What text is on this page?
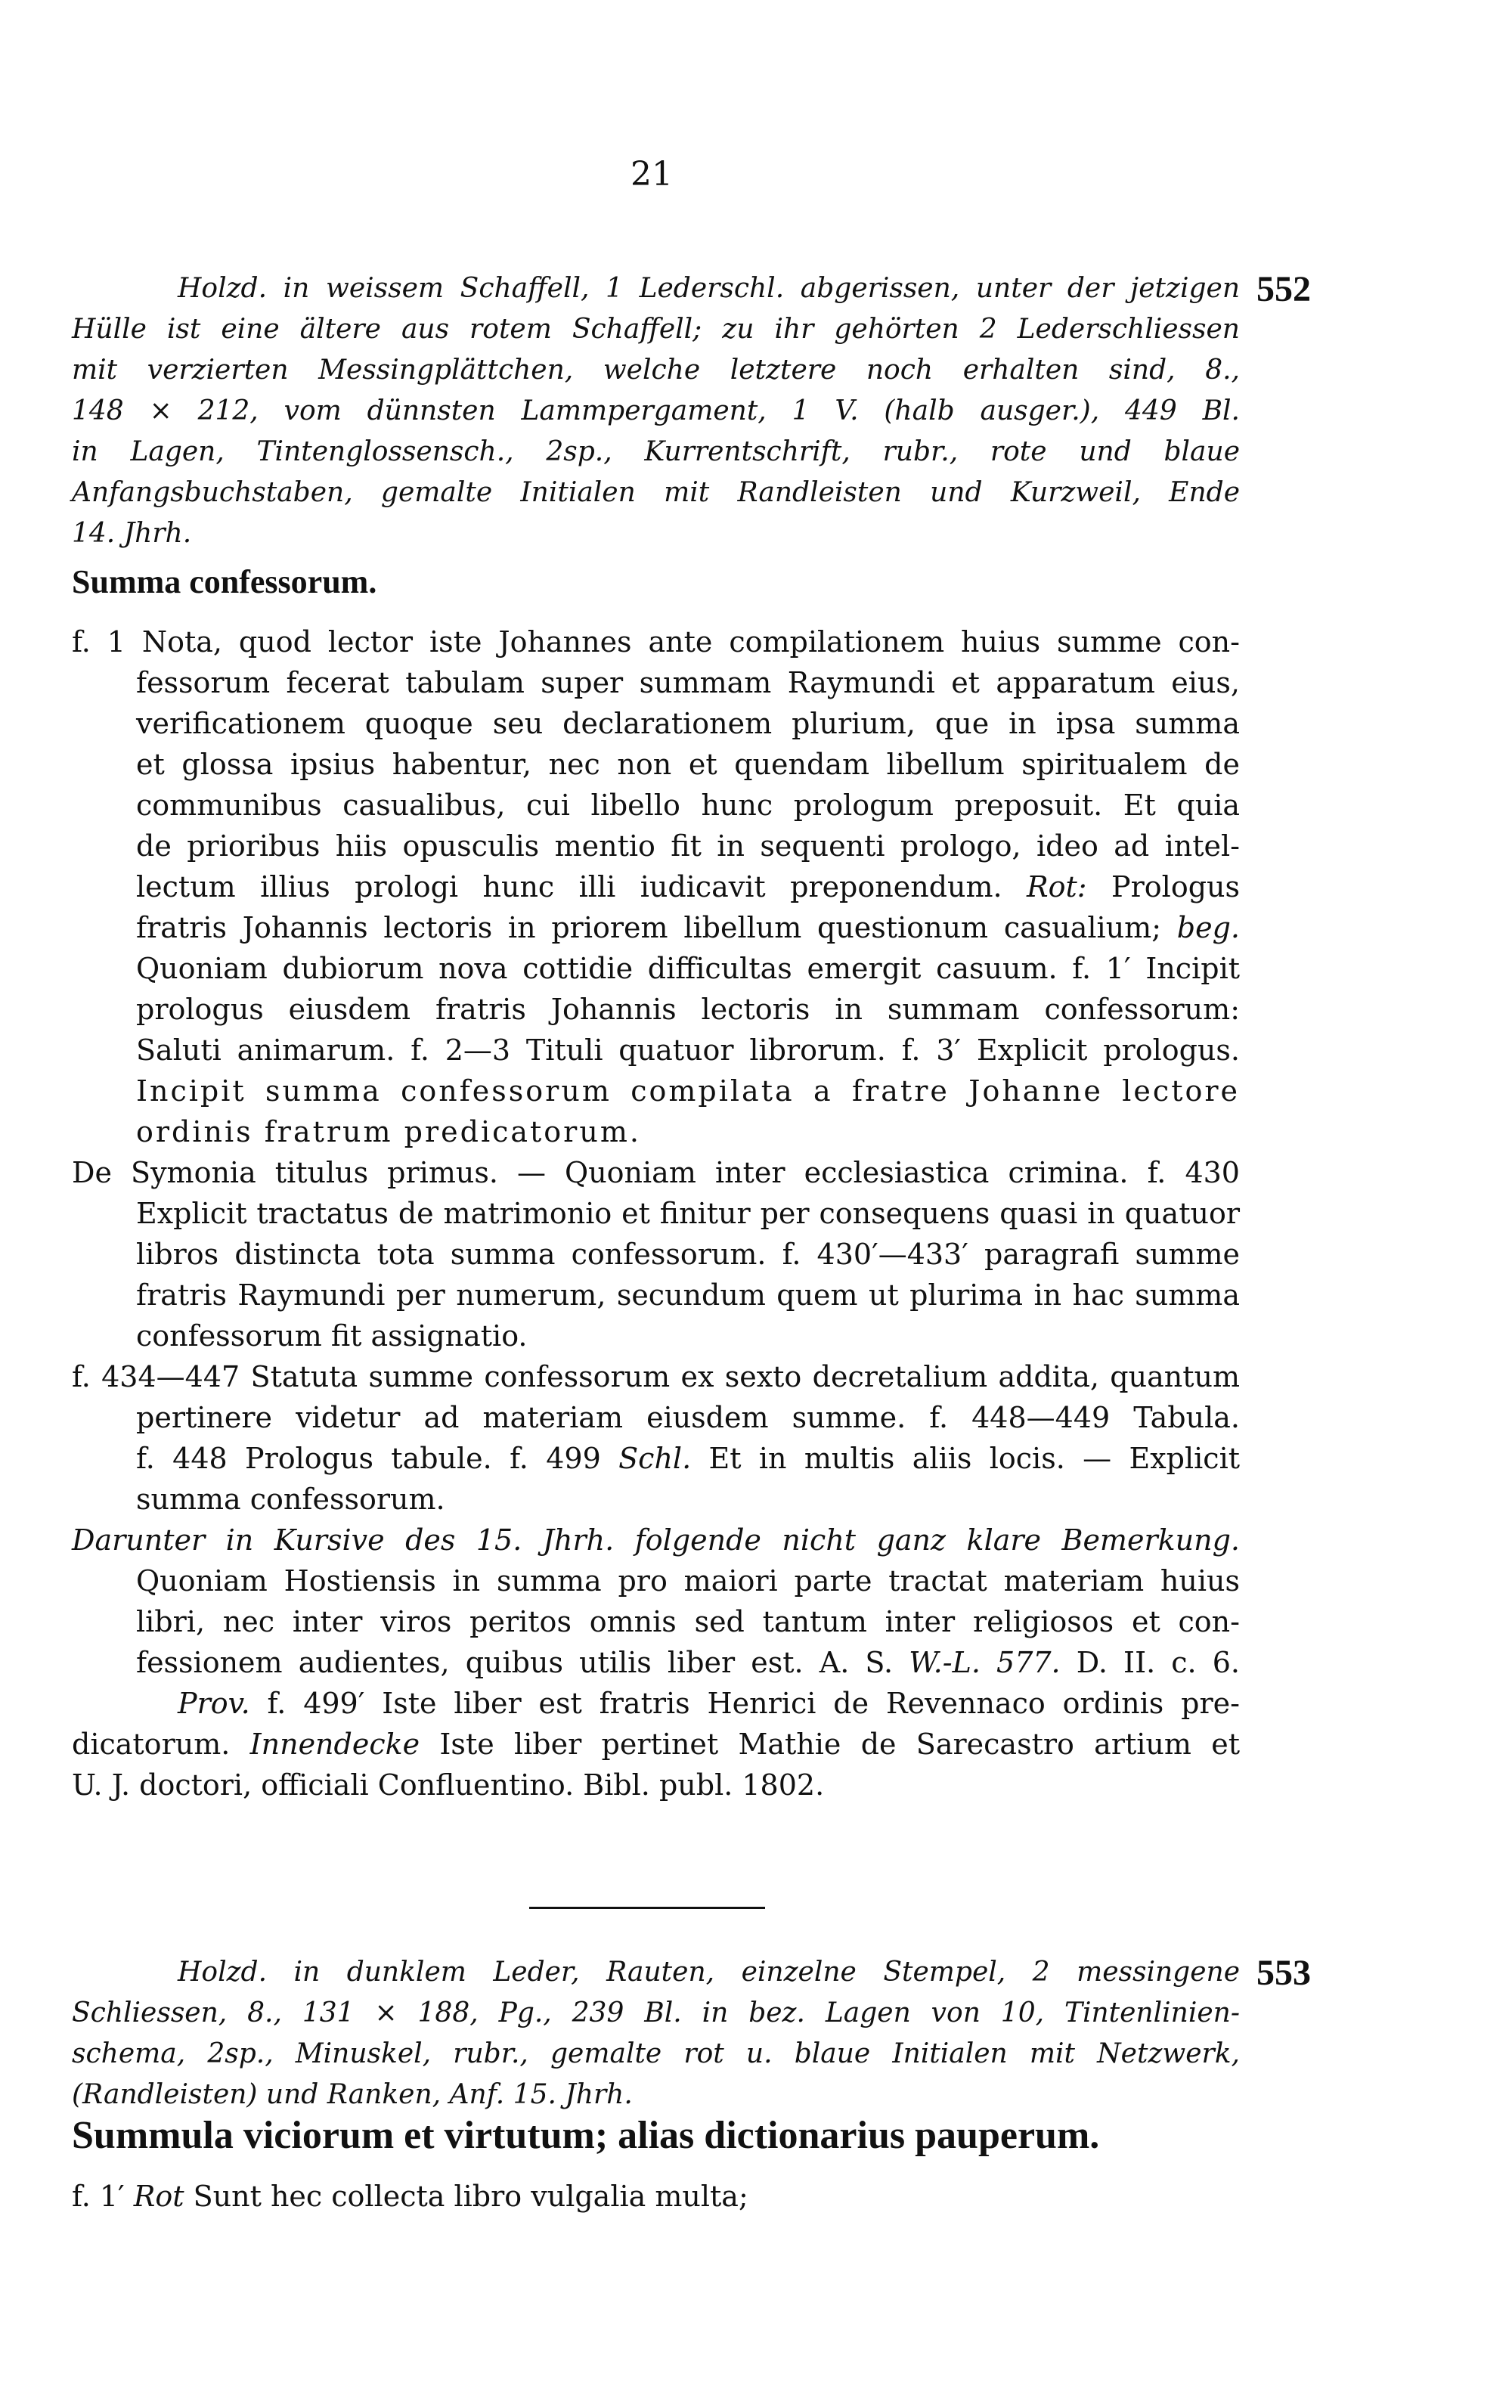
21
552
Holzd. in weissem Schaffell, 1 Lederschl. abgerissen, unter der jetzigen
Hülle ist eine ältere aus rotem Schaffell; zu ihr gehörten 2 Lederschliessen
mit verzierten Messingplättchen, welche letztere noch erhalten sind, 8.,
148 × 212, vom dünnsten Lammpergament, 1 V. (halb ausger.), 449 Bl.
in Lagen, Tintenglossensch., 2sp., Kurrentschrift, rubr., rote und blaue
Anfangsbuchstaben, gemalte Initialen mit Randleisten und Kurzweil, Ende
14. Jhrh.
Summa confessorum.
f. 1 Nota, quod lector iste Johannes ante compilationem huius summe con-
fessorum fecerat tabulam super summam Raymundi et apparatum eius,
verificationem quoque seu declarationem plurium, que in ipsa summa
et glossa ipsius habentur, nec non et quendam libellum spiritualem de
communibus casualibus, cui libello hunc prologum preposuit. Et quia
de prioribus hiis opusculis mentio fit in sequenti prologo, ideo ad intel-
lectum illius prologi hunc illi iudicavit preponendum. Rot: Prologus
fratris Johannis lectoris in priorem libellum questionum casualium; beg.
Quoniam dubiorum nova cottidie difficultas emergit casuum. f. 1′ Incipit
prologus eiusdem fratris Johannis lectoris in summam confessorum:
Saluti animarum. f. 2—3 Tituli quatuor librorum. f. 3′ Explicit prologus.
Incipit summa confessorum compilata a fratre Johanne lectore
ordinis fratrum predicatorum.
De Symonia titulus primus. — Quoniam inter ecclesiastica crimina. f. 430
Explicit tractatus de matrimonio et finitur per consequens quasi in quatuor
libros distincta tota summa confessorum. f. 430′—433′ paragrafi summe
fratris Raymundi per numerum, secundum quem ut plurima in hac summa
confessorum fit assignatio.
f. 434—447 Statuta summe confessorum ex sexto decretalium addita, quantum
pertinere videtur ad materiam eiusdem summe. f. 448—449 Tabula.
f. 448 Prologus tabule. f. 499 Schl. Et in multis aliis locis. — Explicit
summa confessorum.
Darunter in Kursive des 15. Jhrh. folgende nicht ganz klare Bemerkung.
Quoniam Hostiensis in summa pro maiori parte tractat materiam huius
libri, nec inter viros peritos omnis sed tantum inter religiosos et con-
fessionem audientes, quibus utilis liber est. A. S. W.-L. 577. D. II. c. 6.
Prov. f. 499′ Iste liber est fratris Henrici de Revennaco ordinis pre-
dicatorum. Innendecke Iste liber pertinet Mathie de Sarecastro artium et
U. J. doctori, officiali Confluentino. Bibl. publ. 1802.
553
Holzd. in dunklem Leder, Rauten, einzelne Stempel, 2 messingene
Schliessen, 8., 131 × 188, Pg., 239 Bl. in bez. Lagen von 10, Tintenlinien-
schema, 2sp., Minuskel, rubr., gemalte rot u. blaue Initialen mit Netzwerk,
(Randleisten) und Ranken, Anf. 15. Jhrh.
Summula viciorum et virtutum; alias dictionarius pauperum.
f. 1′ Rot Sunt hec collecta libro vulgalia multa;
